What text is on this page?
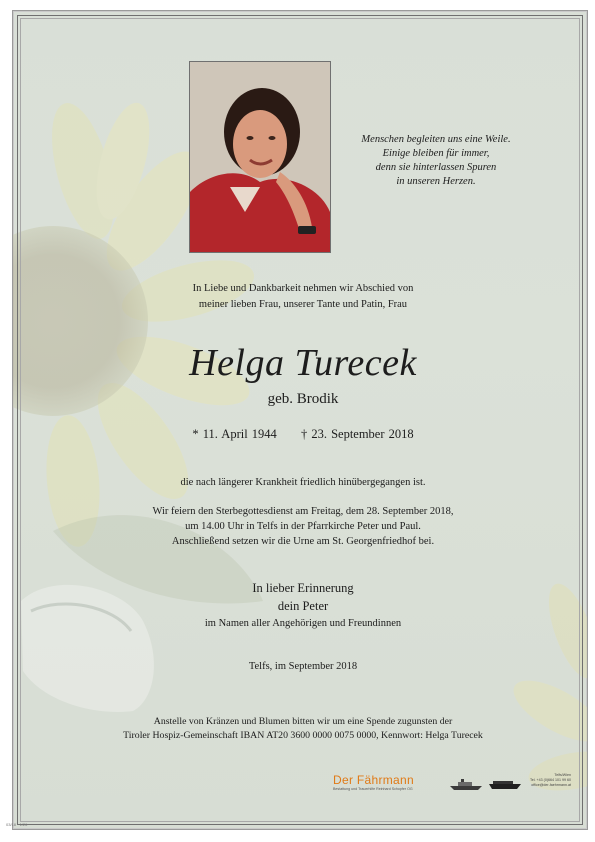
Menschen begleiten uns eine Weile.
Einige bleiben für immer,
denn sie hinterlassen Spuren
in unseren Herzen.
In Liebe und Dankbarkeit nehmen wir Abschied von
meiner lieben Frau, unserer Tante und Patin, Frau
Helga Turecek
geb. Brodik
* 11. April 1944 † 23. September 2018
die nach längerer Krankheit friedlich hinübergegangen ist.
Wir feiern den Sterbegottesdienst am Freitag, dem 28. September 2018,
um 14.00 Uhr in Telfs in der Pfarrkirche Peter und Paul.
Anschließend setzen wir die Urne am St. Georgenfriedhof bei.
In lieber Erinnerung
dein Peter
im Namen aller Angehörigen und Freundinnen
Telfs, im September 2018
Anstelle von Kränzen und Blumen bitten wir um eine Spende zugunsten der
Tiroler Hospiz-Gemeinschaft IBAN AT20 3600 0000 0075 0000, Kennwort: Helga Turecek
Der Fährmann
Bestattung und Trauerhilfe Reinhard Schopfer OG
Telfs/Wien
Tel. +43 (0)664 101 99 60
office@der-faehrmann.at
03/18 · 1/26
